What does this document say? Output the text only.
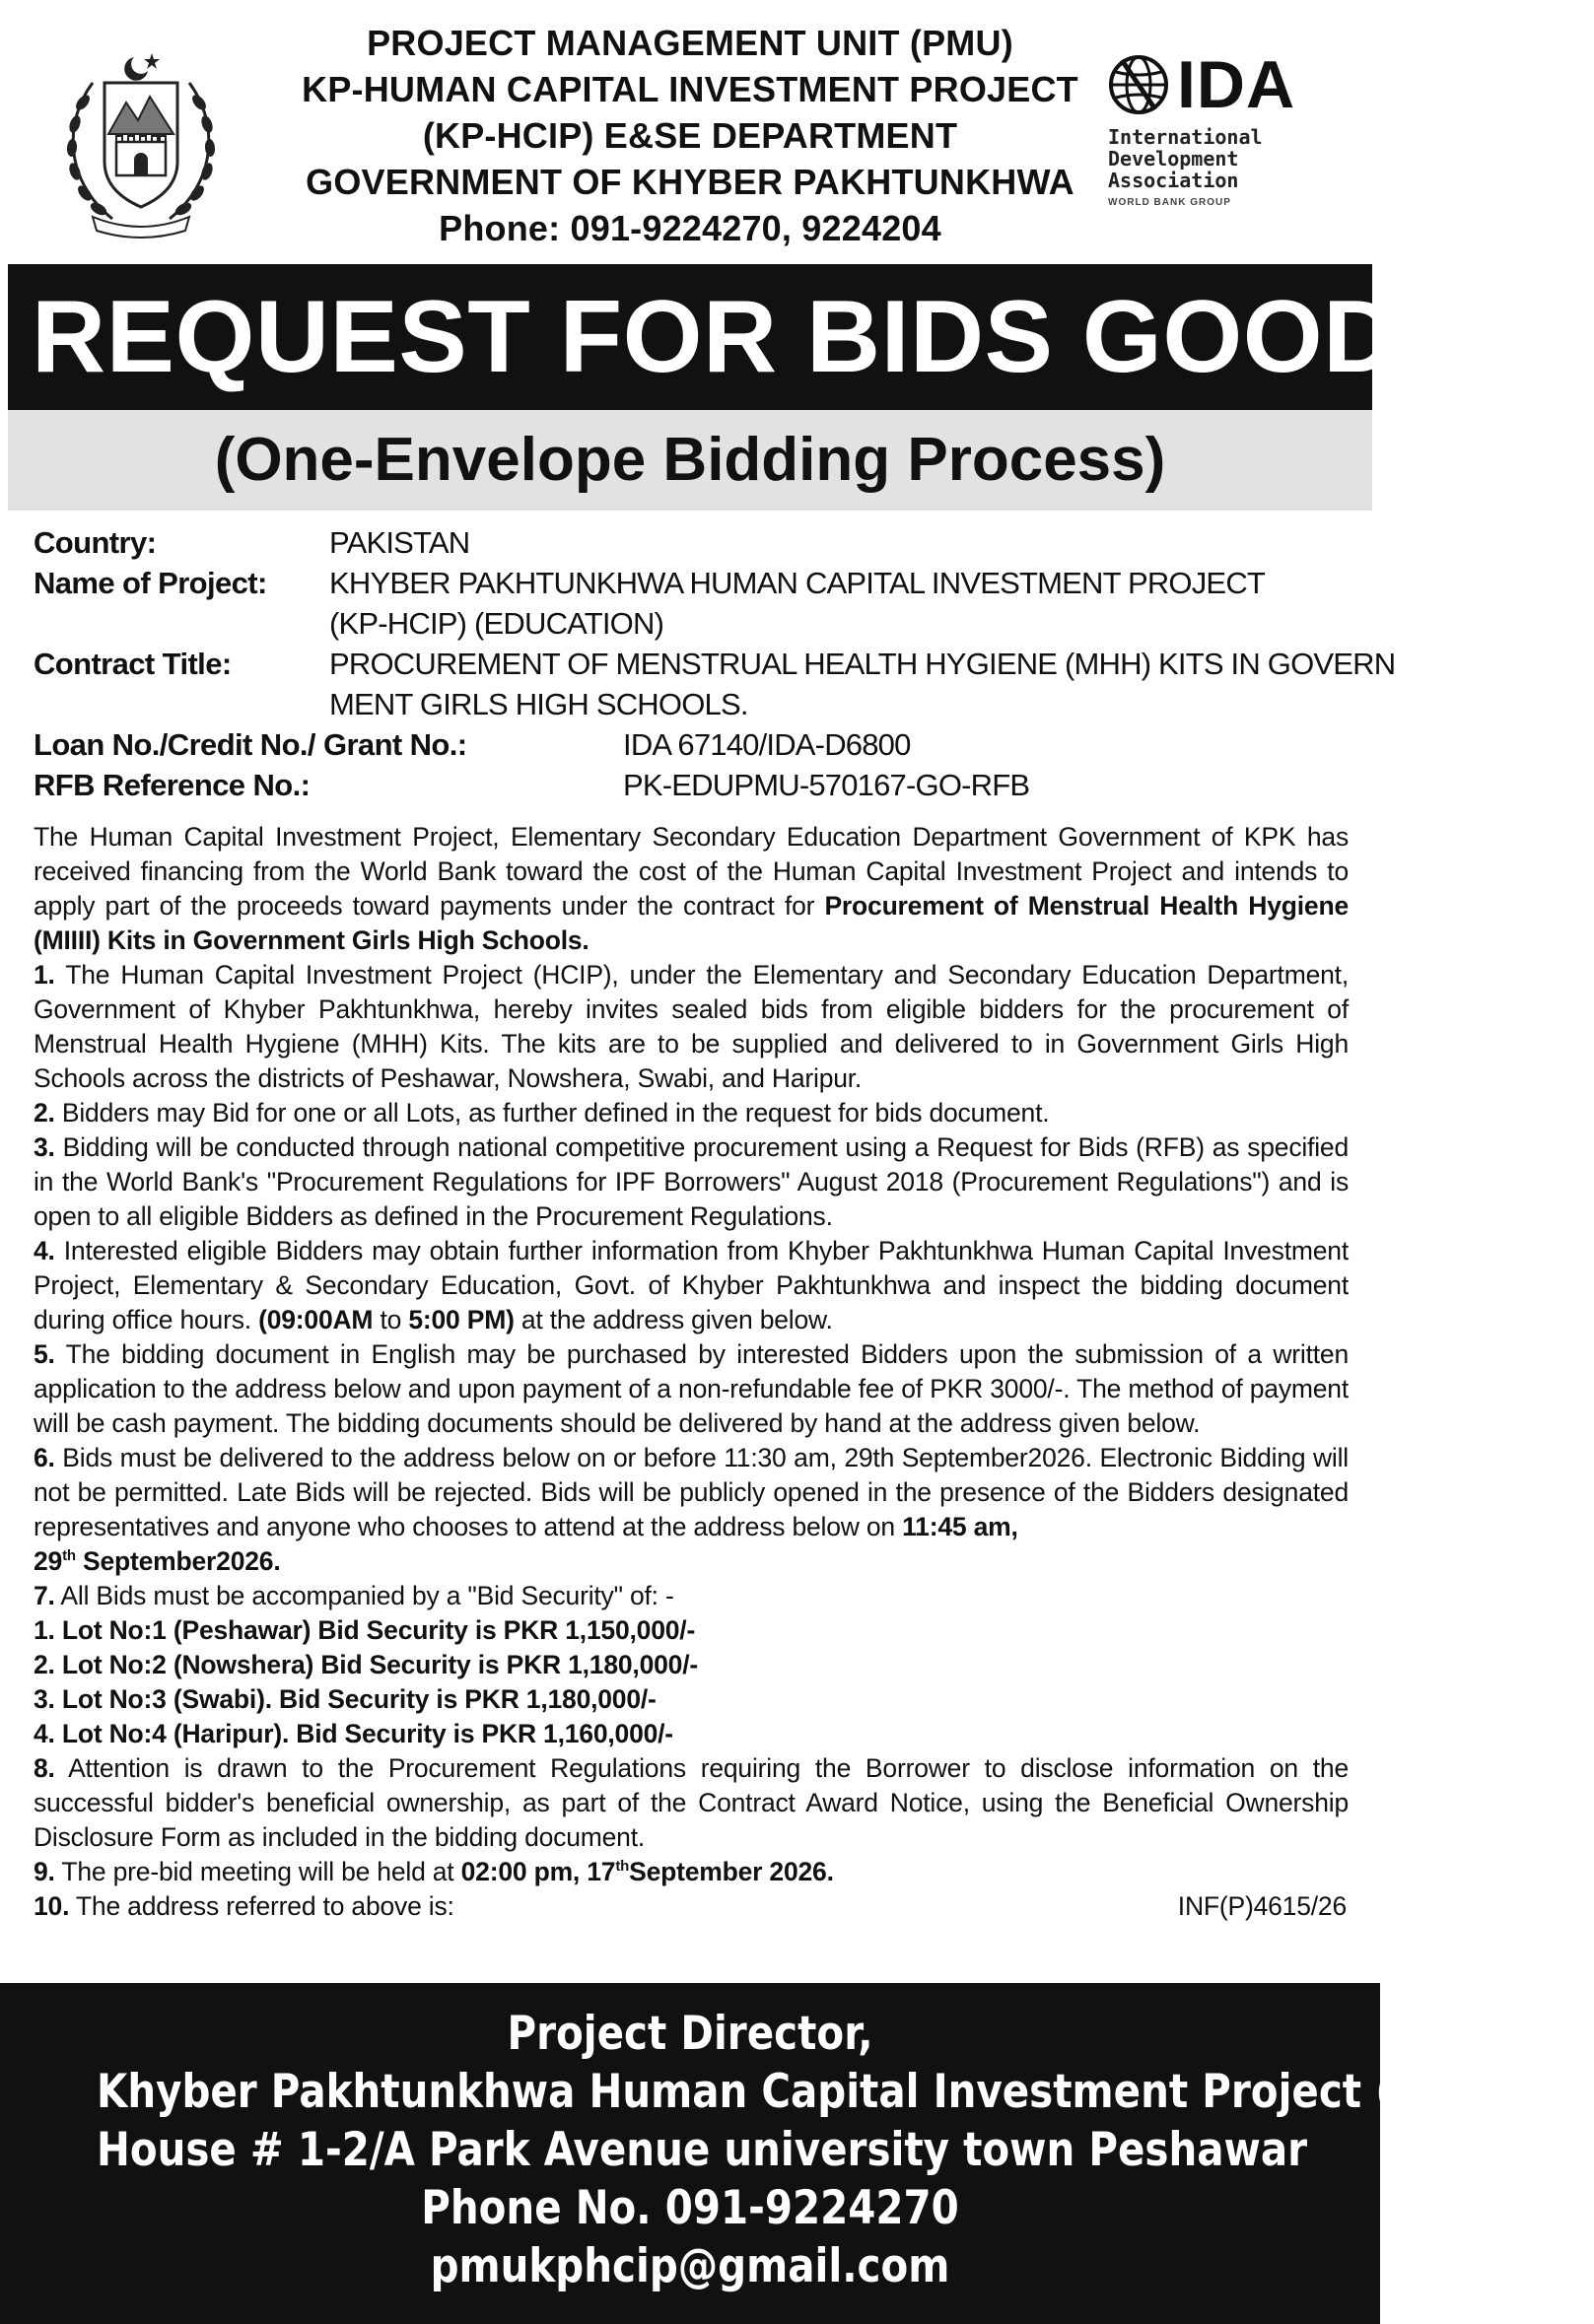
PROJECT MANAGEMENT UNIT (PMU)
KP-HUMAN CAPITAL INVESTMENT PROJECT
(KP-HCIP) E&SE DEPARTMENT
GOVERNMENT OF KHYBER PAKHTUNKHWA
Phone: 091-9224270, 9224204
IDA
International
Development
Association
WORLD BANK GROUP
REQUEST FOR BIDS GOODS
(One-Envelope Bidding Process)
Country:	PAKISTAN
Name of Project:	KHYBER PAKHTUNKHWA HUMAN CAPITAL INVESTMENT PROJECT
(KP-HCIP) (EDUCATION)
Contract Title:	PROCUREMENT OF MENSTRUAL HEALTH HYGIENE (MHH) KITS IN GOVERN
MENT GIRLS HIGH SCHOOLS.
Loan No./Credit No./ Grant No.:	IDA 67140/IDA-D6800
RFB Reference No.:	PK-EDUPMU-570167-GO-RFB

The Human Capital Investment Project, Elementary Secondary Education Department Government of KPK has received financing from the World Bank toward the cost of the Human Capital Investment Project and intends to apply part of the proceeds toward payments under the contract for Procurement of Menstrual Health Hygiene (MIIII) Kits in Government Girls High Schools.

1. The Human Capital Investment Project (HCIP), under the Elementary and Secondary Education Department, Government of Khyber Pakhtunkhwa, hereby invites sealed bids from eligible bidders for the procurement of Menstrual Health Hygiene (MHH) Kits. The kits are to be supplied and delivered to in Government Girls High Schools across the districts of Peshawar, Nowshera, Swabi, and Haripur.

2. Bidders may Bid for one or all Lots, as further defined in the request for bids document.

3. Bidding will be conducted through national competitive procurement using a Request for Bids (RFB) as specified in the World Bank's "Procurement Regulations for IPF Borrowers" August 2018 (Procurement Regulations") and is open to all eligible Bidders as defined in the Procurement Regulations.

4. Interested eligible Bidders may obtain further information from Khyber Pakhtunkhwa Human Capital Investment Project, Elementary & Secondary Education, Govt. of Khyber Pakhtunkhwa and inspect the bidding document during office hours. (09:00AM to 5:00 PM) at the address given below.

5. The bidding document in English may be purchased by interested Bidders upon the submission of a written application to the address below and upon payment of a non-refundable fee of PKR 3000/-. The method of payment will be cash payment. The bidding documents should be delivered by hand at the address given below.

6. Bids must be delivered to the address below on or before 11:30 am, 29th September2026. Electronic Bidding will not be permitted. Late Bids will be rejected. Bids will be publicly opened in the presence of the Bidders designated representatives and anyone who chooses to attend at the address below on 11:45 am,
29th September2026.

7. All Bids must be accompanied by a "Bid Security" of: -

1. Lot No:1 (Peshawar) Bid Security is PKR 1,150,000/-

2. Lot No:2 (Nowshera) Bid Security is PKR 1,180,000/-

3. Lot No:3 (Swabi). Bid Security is PKR 1,180,000/-

4. Lot No:4 (Haripur). Bid Security is PKR 1,160,000/-

8. Attention is drawn to the Procurement Regulations requiring the Borrower to disclose information on the successful bidder's beneficial ownership, as part of the Contract Award Notice, using the Beneficial Ownership Disclosure Form as included in the bidding document.

9. The pre-bid meeting will be held at 02:00 pm, 17thSeptember 2026.

10. The address referred to above is:	INF(P)4615/26
Project Director,
Khyber Pakhtunkhwa Human Capital Investment Project (KP-HCIP)
House # 1-2/A Park Avenue university town Peshawar
Phone No. 091-9224270
pmukphcip@gmail.com
